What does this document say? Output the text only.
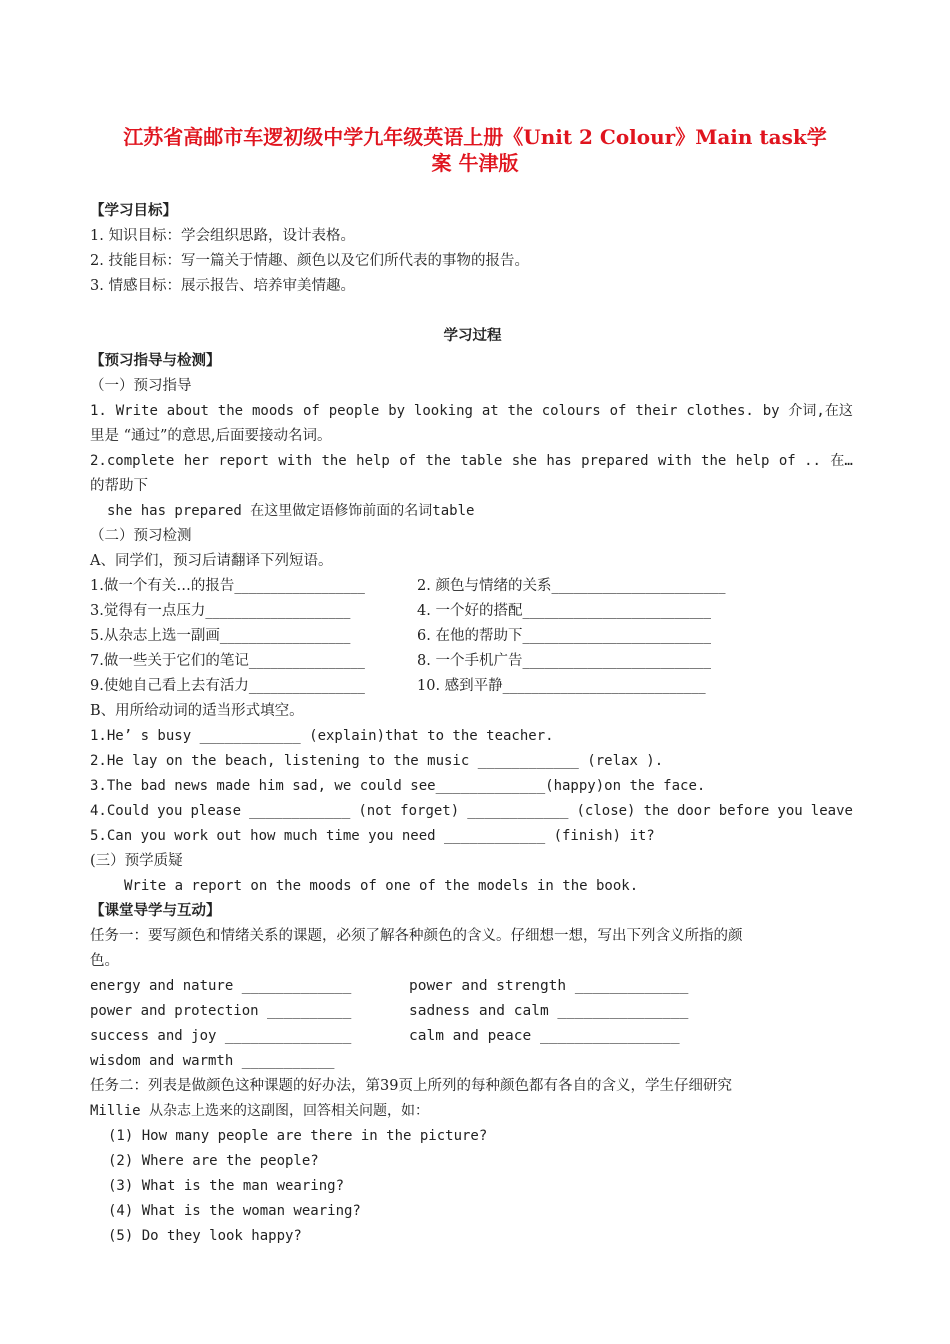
江苏省高邮市车逻初级中学九年级英语上册《Unit 2 Colour》Main task学
案 牛津版
【学习目标】
1. 知识目标：学会组织思路，设计表格。
2. 技能目标：写一篇关于情趣、颜色以及它们所代表的事物的报告。
3. 情感目标：展示报告、培养审美情趣。
学习过程
【预习指导与检测】
（一）预习指导
1. Write about the moods of people by looking at the colours of their clothes. by 介词,在这
里是 “通过”的意思,后面要接动名词。
2.complete her report with the help of the table she has prepared with the help of .. 在…
的帮助下
she has prepared 在这里做定语修饰前面的名词table
（二）预习检测
A、同学们，预习后请翻译下列短语。
1.做一个有关…的报告__________________	2. 颜色与情绪的关系________________________
3.觉得有一点压力____________________	4. 一个好的搭配__________________________
5.从杂志上选一副画__________________	6. 在他的帮助下__________________________
7.做一些关于它们的笔记________________	8. 一个手机广告__________________________
9.使她自己看上去有活力________________	10. 感到平静____________________________
B、用所给动词的适当形式填空。
1.He’ s busy ____________ (explain)that to the teacher.
2.He lay on the beach, listening to the music ____________ (relax ).
3.The bad news made him sad, we could see_____________(happy)on the face.
4.Could you please ____________ (not forget) ____________ (close) the door before you leave
5.Can you work out how much time you need ____________ (finish) it?
(三）预学质疑
Write a report on the moods of one of the models in the book.
【课堂导学与互动】
任务一：要写颜色和情绪关系的课题，必须了解各种颜色的含义。仔细想一想，写出下列含义所指的颜
色。
energy and nature _____________	power and strength _____________
power and protection __________	sadness and calm _______________
success and joy _______________	calm and peace ________________
wisdom and warmth ___________
任务二：列表是做颜色这种课题的好办法，第39页上所列的每种颜色都有各自的含义，学生仔细研究
Millie 从杂志上选来的这副图，回答相关问题，如：
(1) How many people are there in the picture?
(2) Where are the people?
(3) What is the man wearing?
(4) What is the woman wearing?
(5) Do they look happy?
